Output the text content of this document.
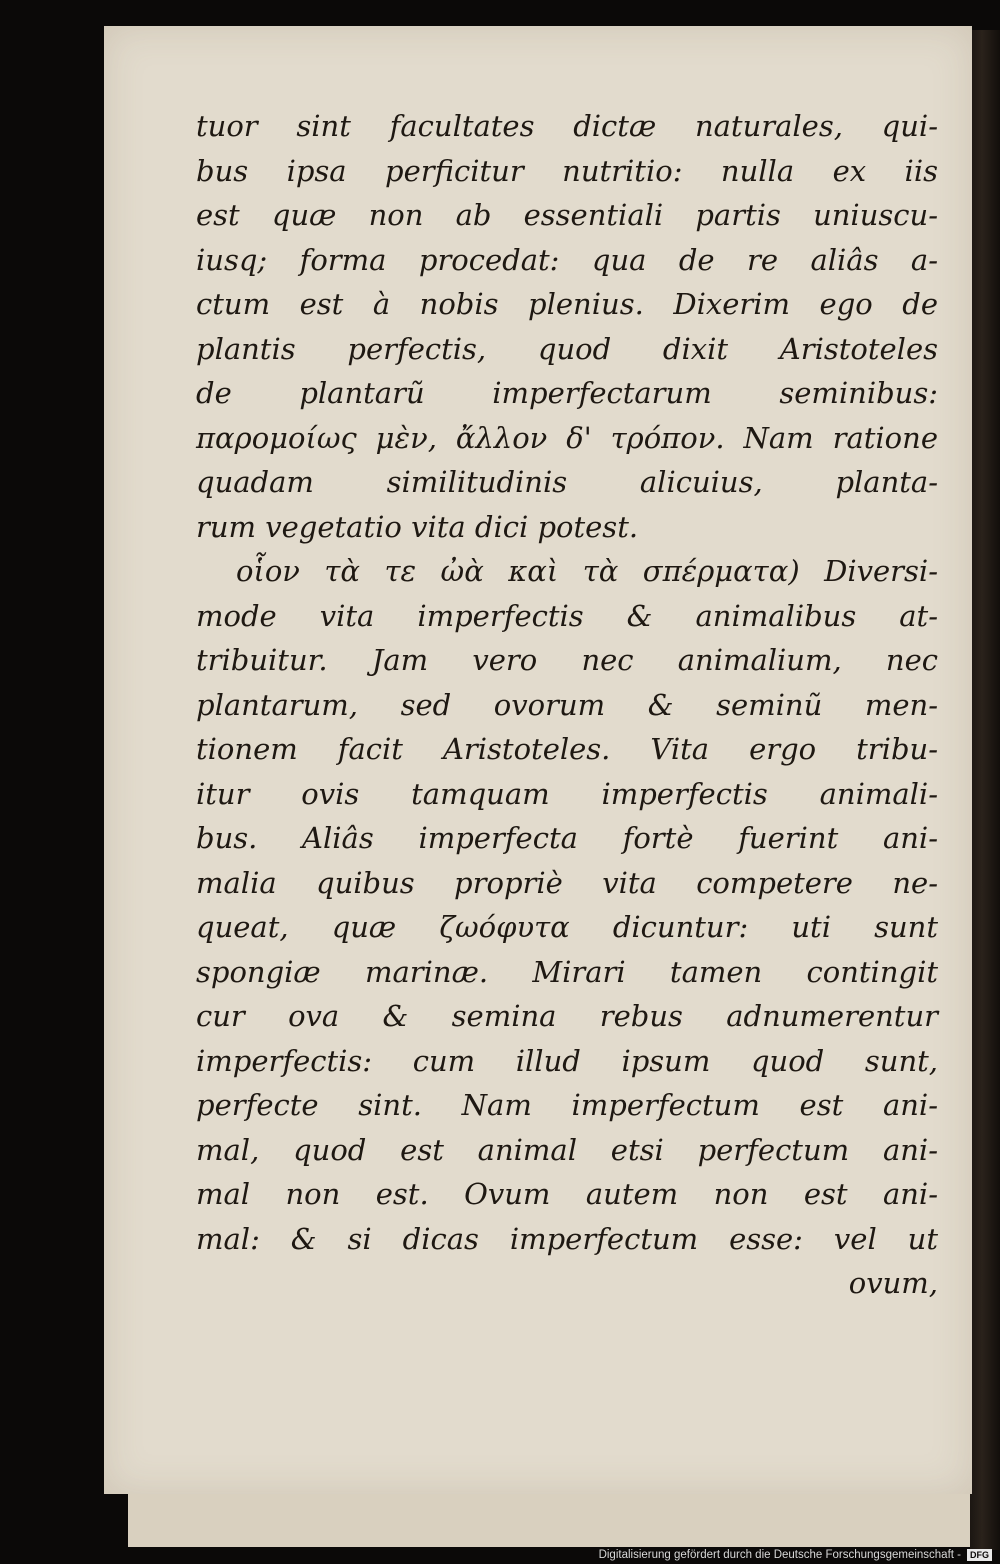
tuor sint facultates dictæ naturales, qui-
bus ipsa perficitur nutritio: nulla ex iis
est quæ non ab essentiali partis uniuscu-
iusq; forma procedat: qua de re aliâs a-
ctum est à nobis plenius. Dixerim ego de
plantis perfectis, quod dixit Aristoteles
de plantarũ imperfectarum seminibus:
παρομοίως μὲν, ἄλλον δ' τρόπον. Nam ratione
quadam similitudinis alicuius, planta-
rum vegetatio vita dici potest.
οἷον τὰ τε ὠὰ καὶ τὰ σπέρματα) Diversi-
mode vita imperfectis & animalibus at-
tribuitur. Jam vero nec animalium, nec
plantarum, sed ovorum & seminũ men-
tionem facit Aristoteles. Vita ergo tribu-
itur ovis tamquam imperfectis animali-
bus. Aliâs imperfecta fortè fuerint ani-
malia quibus propriè vita competere ne-
queat, quæ ζωόφυτα dicuntur: uti sunt
spongiæ marinæ. Mirari tamen contingit
cur ova & semina rebus adnumerentur
imperfectis: cum illud ipsum quod sunt,
perfecte sint. Nam imperfectum est ani-
mal, quod est animal etsi perfectum ani-
mal non est. Ovum autem non est ani-
mal: & si dicas imperfectum esse: vel ut
ovum,
Digitalisierung gefördert durch die Deutsche Forschungsgemeinschaft -	DFG
